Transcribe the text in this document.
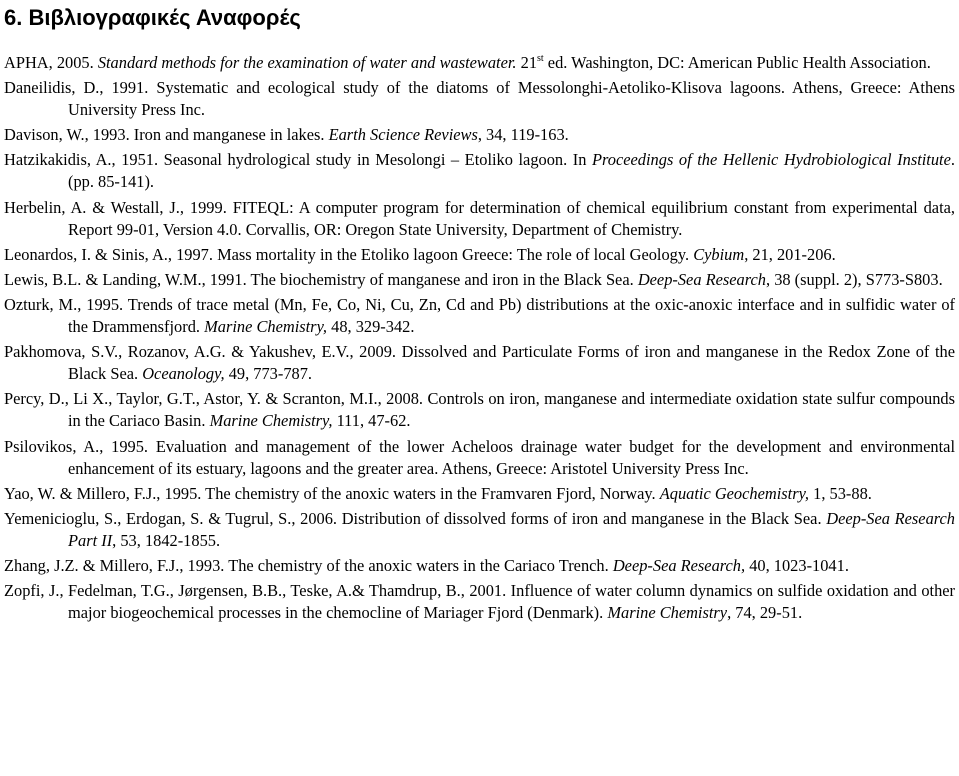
6. Βιβλιογραφικές Αναφορές
APHA, 2005. Standard methods for the examination of water and wastewater. 21st ed. Washington, DC: American Public Health Association.
Daneilidis, D., 1991. Systematic and ecological study of the diatoms of Messolonghi-Aetoliko-Klisova lagoons. Athens, Greece: Athens University Press Inc.
Davison, W., 1993. Iron and manganese in lakes. Earth Science Reviews, 34, 119-163.
Hatzikakidis, A., 1951. Seasonal hydrological study in Mesolongi – Etoliko lagoon. In Proceedings of the Hellenic Hydrobiological Institute. (pp. 85-141).
Herbelin, A. & Westall, J., 1999. FITEQL: A computer program for determination of chemical equilibrium constant from experimental data, Report 99-01, Version 4.0. Corvallis, OR: Oregon State University, Department of Chemistry.
Leonardos, I. & Sinis, A., 1997. Mass mortality in the Etoliko lagoon Greece: The role of local Geology. Cybium, 21, 201-206.
Lewis, B.L. & Landing, W.M., 1991. The biochemistry of manganese and iron in the Black Sea. Deep-Sea Research, 38 (suppl. 2), S773-S803.
Ozturk, M., 1995. Trends of trace metal (Mn, Fe, Co, Ni, Cu, Zn, Cd and Pb) distributions at the oxic-anoxic interface and in sulfidic water of the Drammensfjord. Marine Chemistry, 48, 329-342.
Pakhomova, S.V., Rozanov, A.G. & Yakushev, E.V., 2009. Dissolved and Particulate Forms of iron and manganese in the Redox Zone of the Black Sea. Oceanology, 49, 773-787.
Percy, D., Li X., Taylor, G.T., Astor, Y. & Scranton, M.I., 2008. Controls on iron, manganese and intermediate oxidation state sulfur compounds in the Cariaco Basin. Marine Chemistry, 111, 47-62.
Psilovikos, A., 1995. Evaluation and management of the lower Acheloos drainage water budget for the development and environmental enhancement of its estuary, lagoons and the greater area. Athens, Greece: Aristotel University Press Inc.
Yao, W. & Millero, F.J., 1995. The chemistry of the anoxic waters in the Framvaren Fjord, Norway. Aquatic Geochemistry, 1, 53-88.
Yemenicioglu, S., Erdogan, S. & Tugrul, S., 2006. Distribution of dissolved forms of iron and manganese in the Black Sea. Deep-Sea Research Part II, 53, 1842-1855.
Zhang, J.Z. & Millero, F.J., 1993. The chemistry of the anoxic waters in the Cariaco Trench. Deep-Sea Research, 40, 1023-1041.
Zopfi, J., Fedelman, T.G., Jørgensen, B.B., Teske, A.& Thamdrup, B., 2001. Influence of water column dynamics on sulfide oxidation and other major biogeochemical processes in the chemocline of Mariager Fjord (Denmark). Marine Chemistry, 74, 29-51.
